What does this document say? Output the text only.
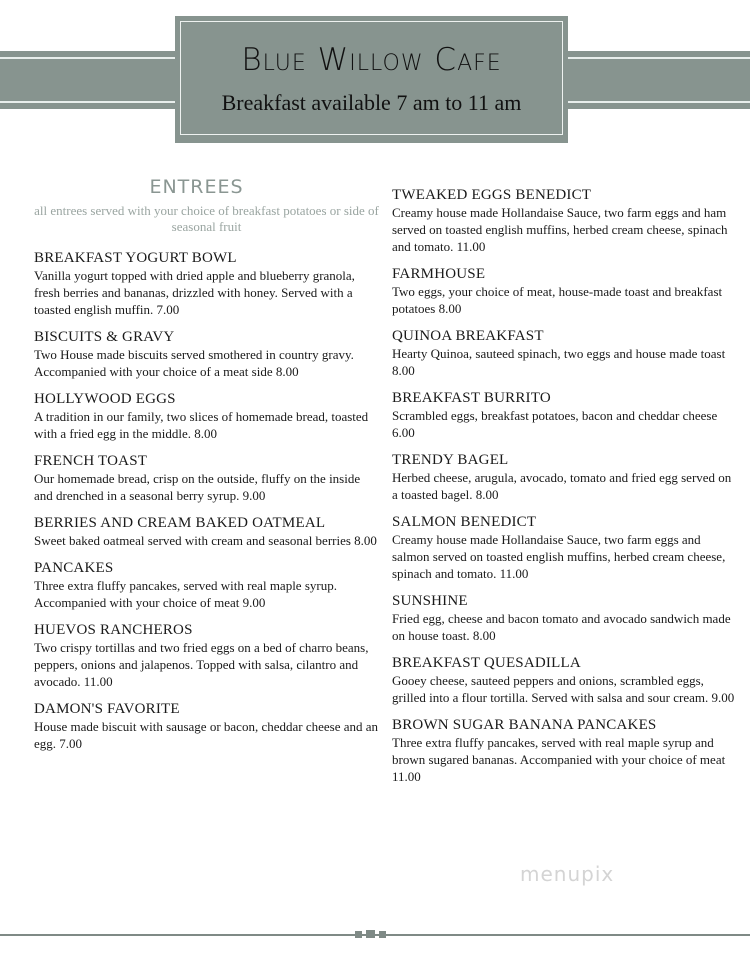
Blue Willow Cafe
Breakfast available 7 am to 11 am
ENTREES
all entrees served with your choice of breakfast potatoes or side of seasonal fruit
BREAKFAST YOGURT BOWL

Vanilla yogurt topped with dried apple and blueberry granola, fresh berries and bananas, drizzled with honey. Served with a toasted english muffin. 7.00

BISCUITS & GRAVY

Two House made biscuits served smothered in country gravy. Accompanied with your choice of a meat side 8.00

HOLLYWOOD EGGS

A tradition in our family, two slices of homemade bread, toasted with a fried egg in the middle. 8.00

FRENCH TOAST

Our homemade bread, crisp on the outside, fluffy on the inside and drenched in a seasonal berry syrup. 9.00

BERRIES AND CREAM BAKED OATMEAL

Sweet baked oatmeal served with cream and seasonal berries 8.00

PANCAKES

Three extra fluffy pancakes, served with real maple syrup. Accompanied with your choice of meat 9.00

HUEVOS RANCHEROS

Two crispy tortillas and two fried eggs on a bed of charro beans, peppers, onions and jalapenos. Topped with salsa, cilantro and avocado. 11.00

DAMON'S FAVORITE

House made biscuit with sausage or bacon, cheddar cheese and an egg. 7.00

TWEAKED EGGS BENEDICT

Creamy house made Hollandaise Sauce, two farm eggs and ham served on toasted english muffins, herbed cream cheese, spinach and tomato. 11.00

FARMHOUSE

Two eggs, your choice of meat, house-made toast and breakfast potatoes 8.00

QUINOA BREAKFAST

Hearty Quinoa, sauteed spinach, two eggs and house made toast 8.00

BREAKFAST BURRITO

Scrambled eggs, breakfast potatoes, bacon and cheddar cheese 6.00

TRENDY BAGEL

Herbed cheese, arugula, avocado, tomato and fried egg served on a toasted bagel. 8.00

SALMON BENEDICT

Creamy house made Hollandaise Sauce, two farm eggs and salmon served on toasted english muffins, herbed cream cheese, spinach and tomato. 11.00

SUNSHINE

Fried egg, cheese and bacon tomato and avocado sandwich made on house toast. 8.00

BREAKFAST QUESADILLA

Gooey cheese, sauteed peppers and onions, scrambled eggs, grilled into a flour tortilla. Served with salsa and sour cream. 9.00

BROWN SUGAR BANANA PANCAKES

Three extra fluffy pancakes, served with real maple syrup and brown sugared bananas. Accompanied with your choice of meat 11.00

menupix
